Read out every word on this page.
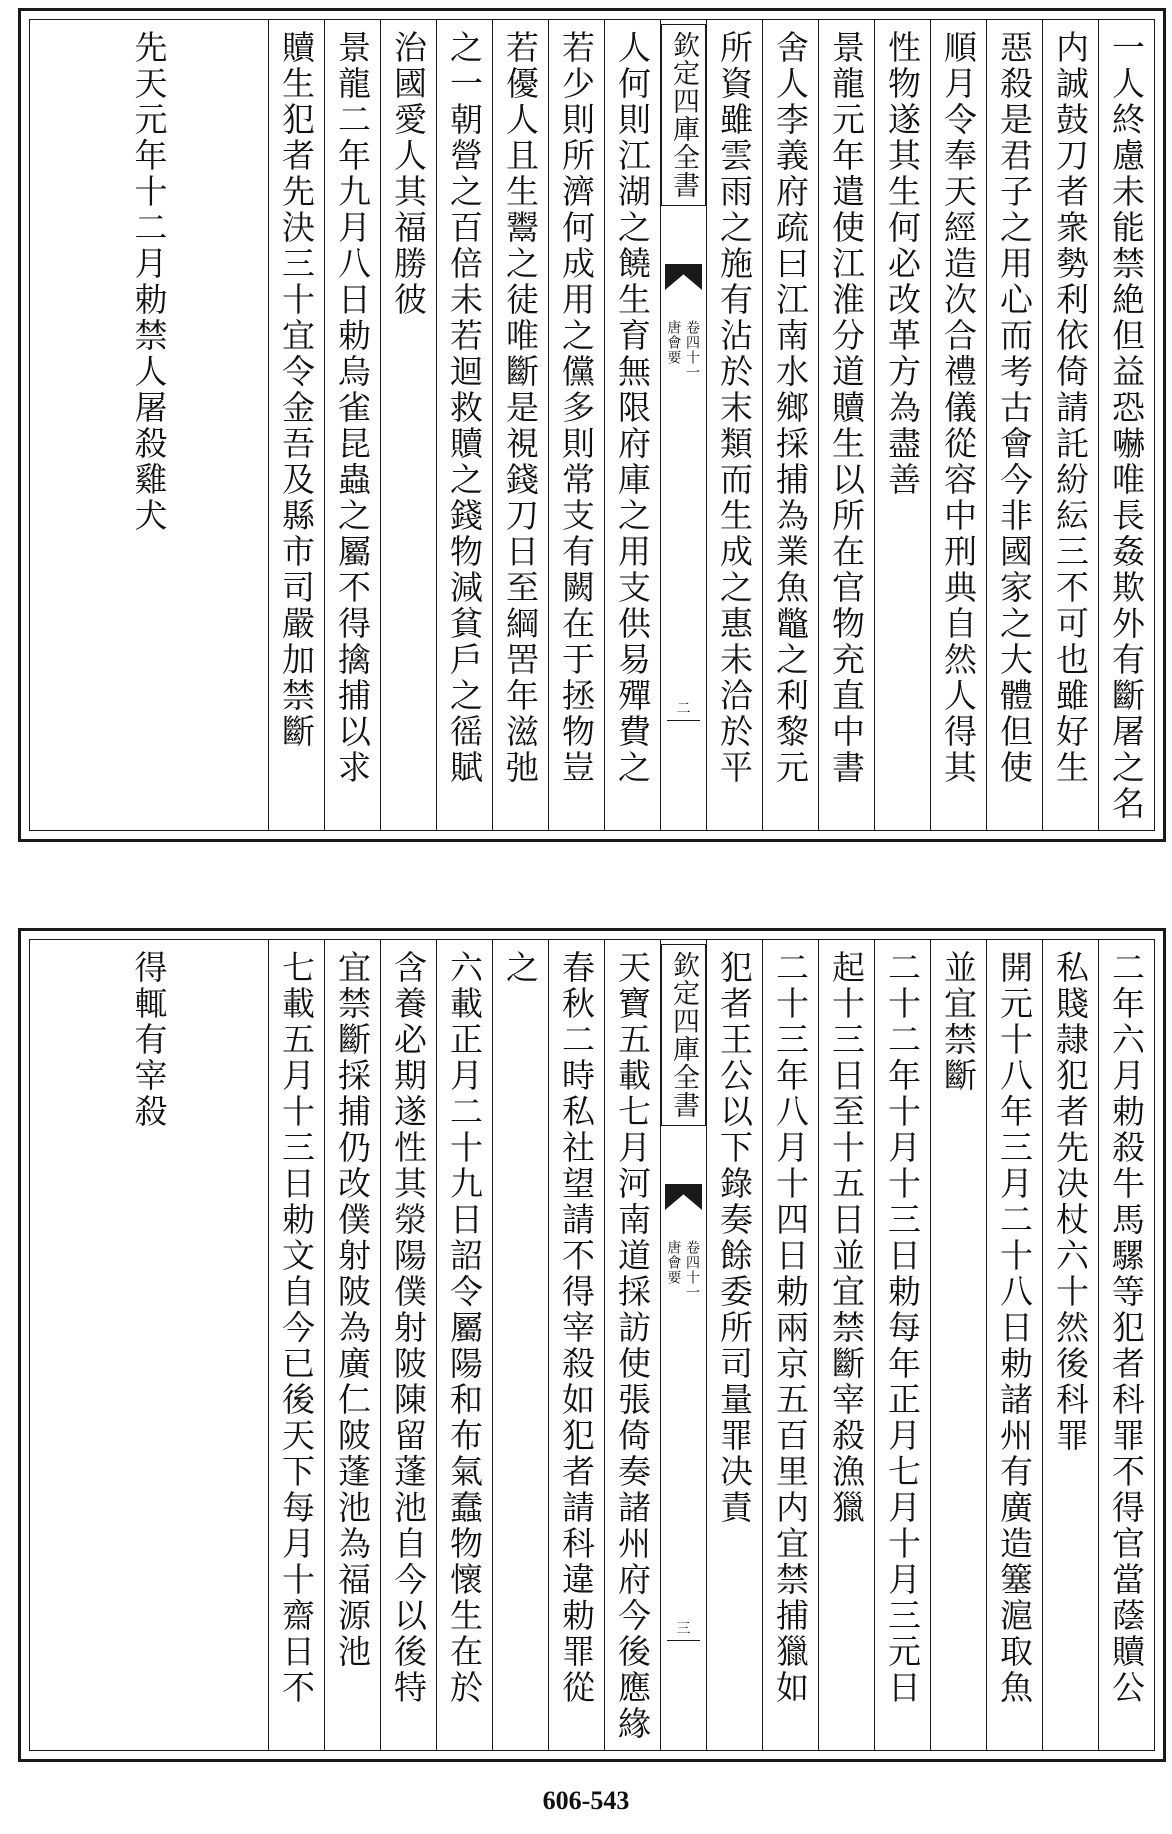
一人終慮未能禁絶但益恐嚇唯長姦欺外有斷屠之名
内誠鼓刀者衆勢利依倚請託紛紜三不可也雖好生
惡殺是君子之用心而考古會今非國家之大體但使
順月令奉天經造次合禮儀從容中刑典自然人得其
性物遂其生何必改革方為盡善
景龍元年遣使江淮分道贖生以所在官物充直中書
舍人李義府疏曰江南水鄉採捕為業魚鼈之利黎元
所資雖雲雨之施有沾於末類而生成之惠未洽於平
欽定四庫全書
唐會要 卷四十一
二
人何則江湖之饒生育無限府庫之用支供易殫費之
若少則所濟何成用之儻多則常支有闕在于拯物豈
若優人且生鬻之徒唯斷是視錢刀日至綱罟年滋弛
之一朝營之百倍未若迴救贖之錢物減貧戶之徭賦
治國愛人其福勝彼
景龍二年九月八日勅烏雀昆蟲之屬不得擒捕以求
贖生犯者先決三十宜令金吾及縣市司嚴加禁斷
先天元年十二月勅禁人屠殺雞犬
二年六月勅殺牛馬騾等犯者科罪不得官當蔭贖公
私賤隷犯者先决杖六十然後科罪
開元十八年三月二十八日勅諸州有廣造簺滬取魚
並宜禁斷
二十二年十月十三日勅每年正月七月十月三元日
起十三日至十五日並宜禁斷宰殺漁獵
二十三年八月十四日勅兩京五百里内宜禁捕獵如
犯者王公以下錄奏餘委所司量罪决責
欽定四庫全書
唐會要 卷四十一
三
天寶五載七月河南道採訪使張倚奏諸州府今後應緣
春秋二時私社望請不得宰殺如犯者請科違勅罪從
之
六載正月二十九日詔令屬陽和布氣蠢物懷生在於
含養必期遂性其滎陽僕射陂陳留蓬池自今以後特
宜禁斷採捕仍改僕射陂為廣仁陂蓬池為福源池
七載五月十三日勅文自今已後天下每月十齋日不
得輒有宰殺
606-543
